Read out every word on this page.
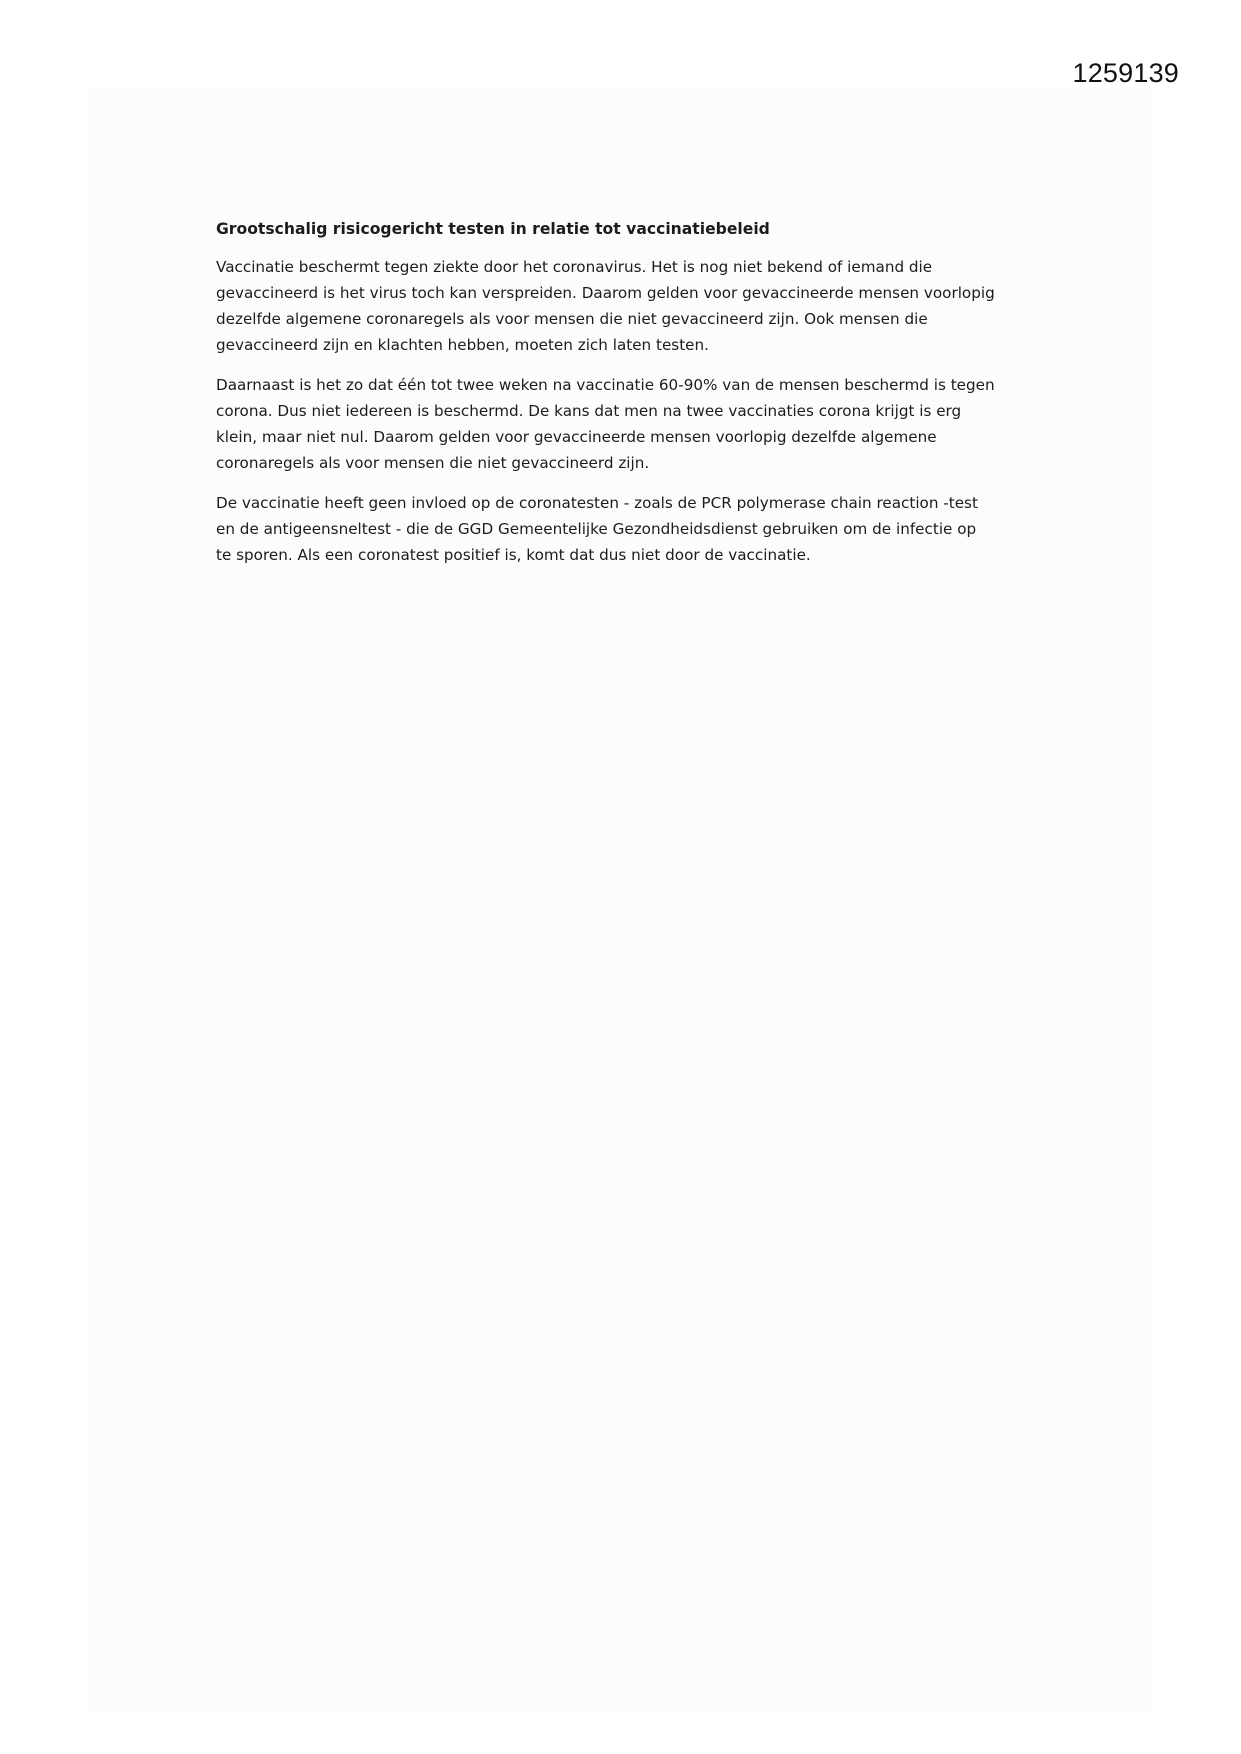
1259139
Grootschalig risicogericht testen in relatie tot vaccinatiebeleid
Vaccinatie beschermt tegen ziekte door het coronavirus. Het is nog niet bekend of iemand die
gevaccineerd is het virus toch kan verspreiden. Daarom gelden voor gevaccineerde mensen voorlopig
dezelfde algemene coronaregels als voor mensen die niet gevaccineerd zijn. Ook mensen die
gevaccineerd zijn en klachten hebben, moeten zich laten testen.
Daarnaast is het zo dat één tot twee weken na vaccinatie 60-90% van de mensen beschermd is tegen
corona. Dus niet iedereen is beschermd. De kans dat men na twee vaccinaties corona krijgt is erg
klein, maar niet nul. Daarom gelden voor gevaccineerde mensen voorlopig dezelfde algemene
coronaregels als voor mensen die niet gevaccineerd zijn.
De vaccinatie heeft geen invloed op de coronatesten - zoals de PCR polymerase chain reaction -test
en de antigeensneltest - die de GGD Gemeentelijke Gezondheidsdienst gebruiken om de infectie op
te sporen. Als een coronatest positief is, komt dat dus niet door de vaccinatie.
